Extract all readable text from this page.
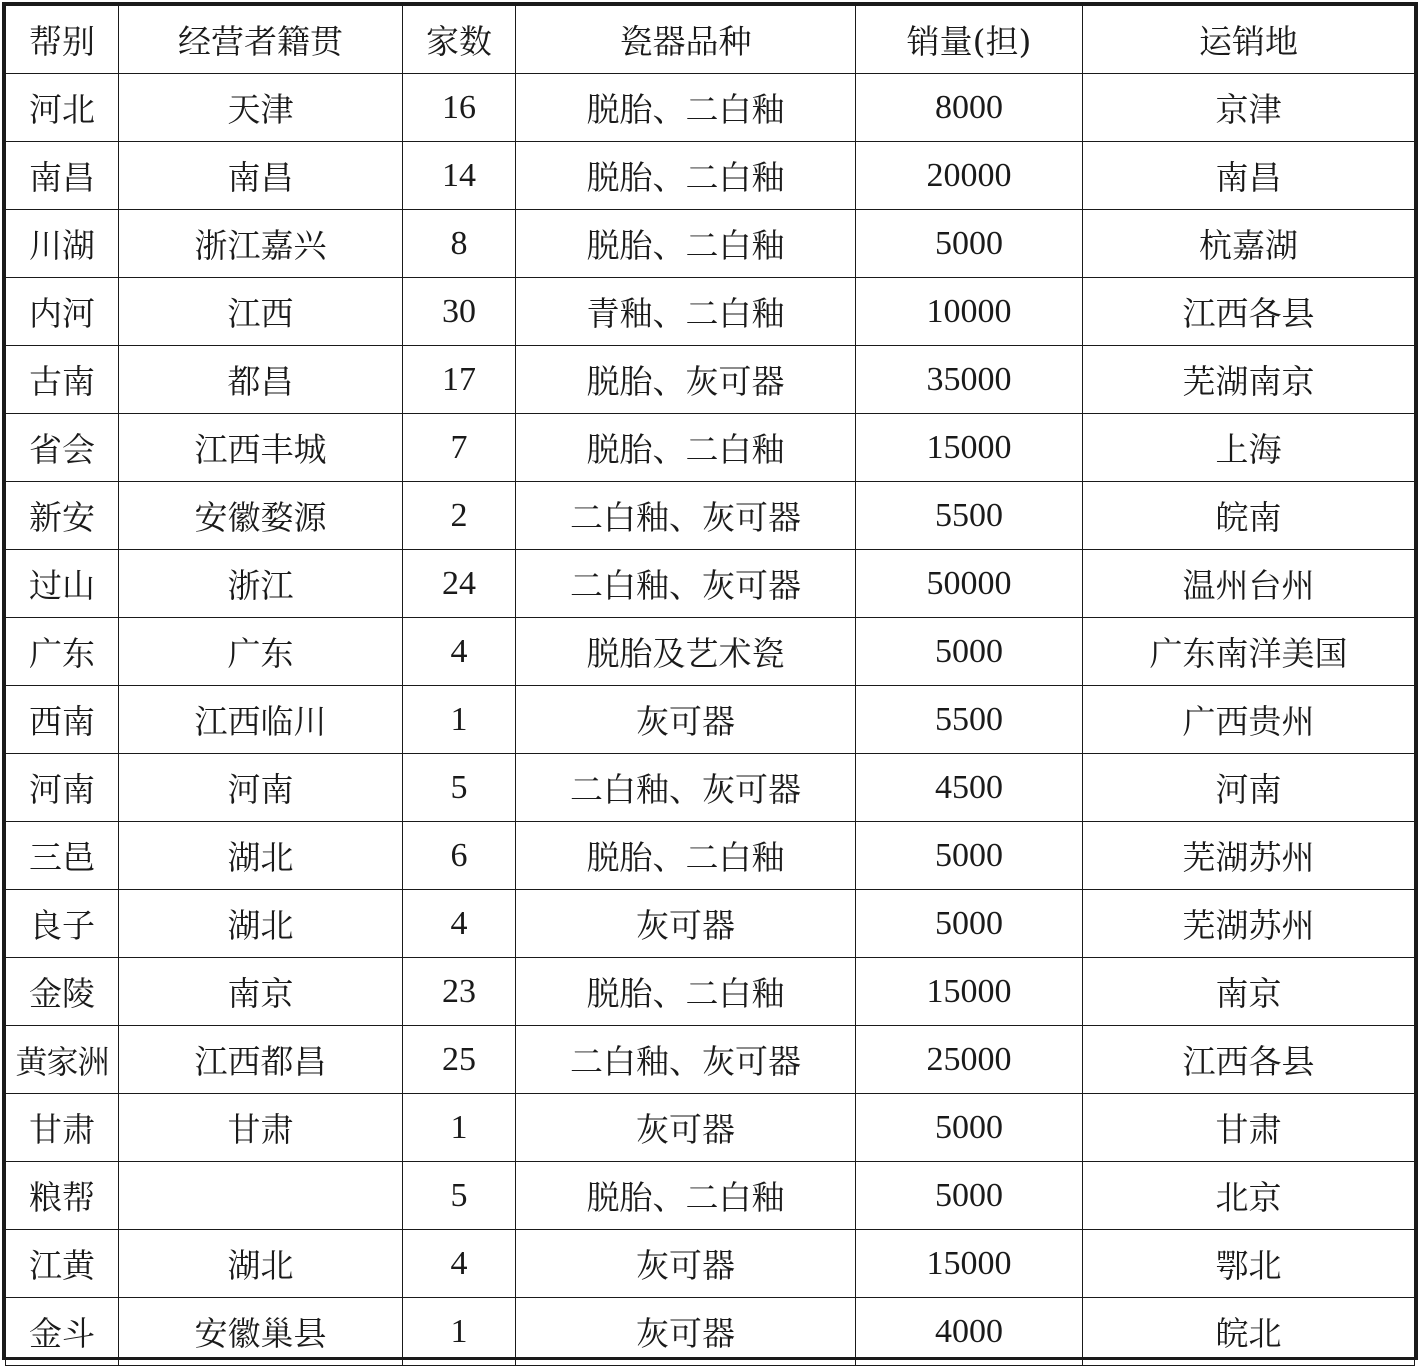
帮别	经营者籍贯	家数	瓷器品种	销量(担)	运销地
河北	天津	16	脱胎、二白釉	8000	京津
南昌	南昌	14	脱胎、二白釉	20000	南昌
川湖	浙江嘉兴	8	脱胎、二白釉	5000	杭嘉湖
内河	江西	30	青釉、二白釉	10000	江西各县
古南	都昌	17	脱胎、灰可器	35000	芜湖南京
省会	江西丰城	7	脱胎、二白釉	15000	上海
新安	安徽婺源	2	二白釉、灰可器	5500	皖南
过山	浙江	24	二白釉、灰可器	50000	温州台州
广东	广东	4	脱胎及艺术瓷	5000	广东南洋美国
西南	江西临川	1	灰可器	5500	广西贵州
河南	河南	5	二白釉、灰可器	4500	河南
三邑	湖北	6	脱胎、二白釉	5000	芜湖苏州
良子	湖北	4	灰可器	5000	芜湖苏州
金陵	南京	23	脱胎、二白釉	15000	南京
黄家洲	江西都昌	25	二白釉、灰可器	25000	江西各县
甘肃	甘肃	1	灰可器	5000	甘肃
粮帮		5	脱胎、二白釉	5000	北京
江黄	湖北	4	灰可器	15000	鄂北
金斗	安徽巢县	1	灰可器	4000	皖北
